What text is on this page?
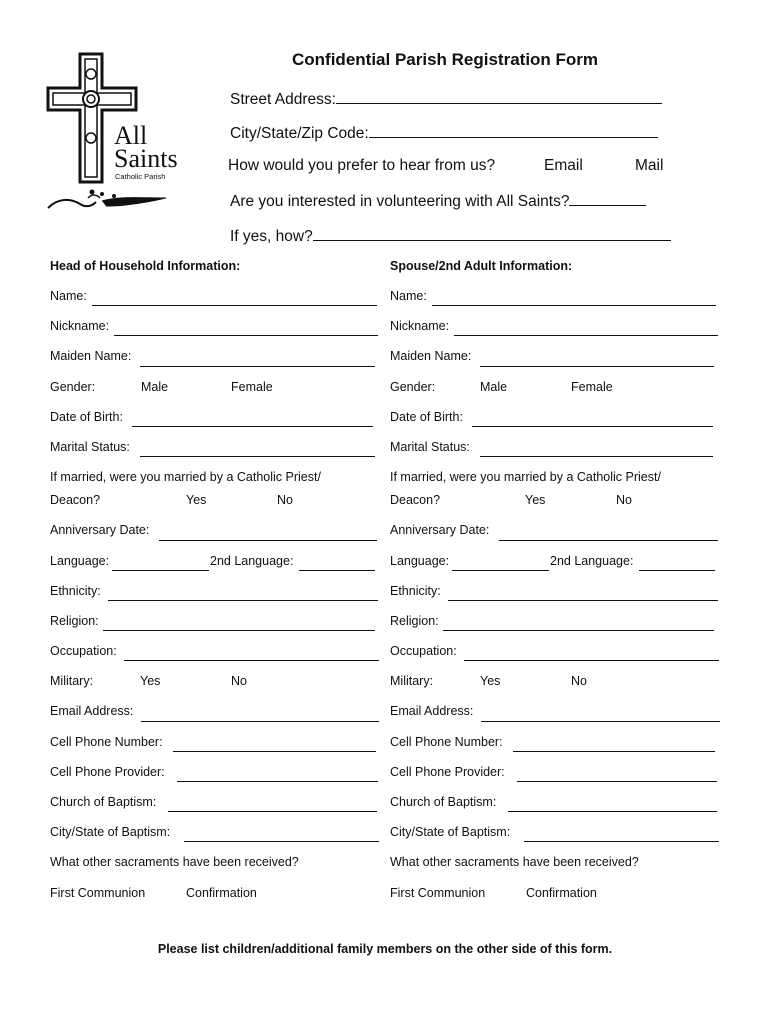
All
Saints
Catholic Parish
Confidential Parish Registration Form
Street Address:
City/State/Zip Code:
How would you prefer to hear from us?	Email	Mail
Are you interested in volunteering with All Saints?
If yes, how?
Head of Household Information:
Name:
Nickname:
Maiden Name:
Gender:	Male	Female
Date of Birth:
Marital Status:
If married, were you married by a Catholic Priest/
Deacon?	Yes	No
Anniversary Date:
Language:	2nd Language:
Ethnicity:
Religion:
Occupation:
Military:	Yes	No
Email Address:
Cell Phone Number:
Cell Phone Provider:
Church of Baptism:
City/State of Baptism:
What other sacraments have been received?
First Communion	Confirmation
Spouse/2nd Adult Information:
Name:
Nickname:
Maiden Name:
Gender:	Male	Female
Date of Birth:
Marital Status:
If married, were you married by a Catholic Priest/
Deacon?	Yes	No
Anniversary Date:
Language:	2nd Language:
Ethnicity:
Religion:
Occupation:
Military:	Yes	No
Email Address:
Cell Phone Number:
Cell Phone Provider:
Church of Baptism:
City/State of Baptism:
What other sacraments have been received?
First Communion	Confirmation
Please list children/additional family members on the other side of this form.
